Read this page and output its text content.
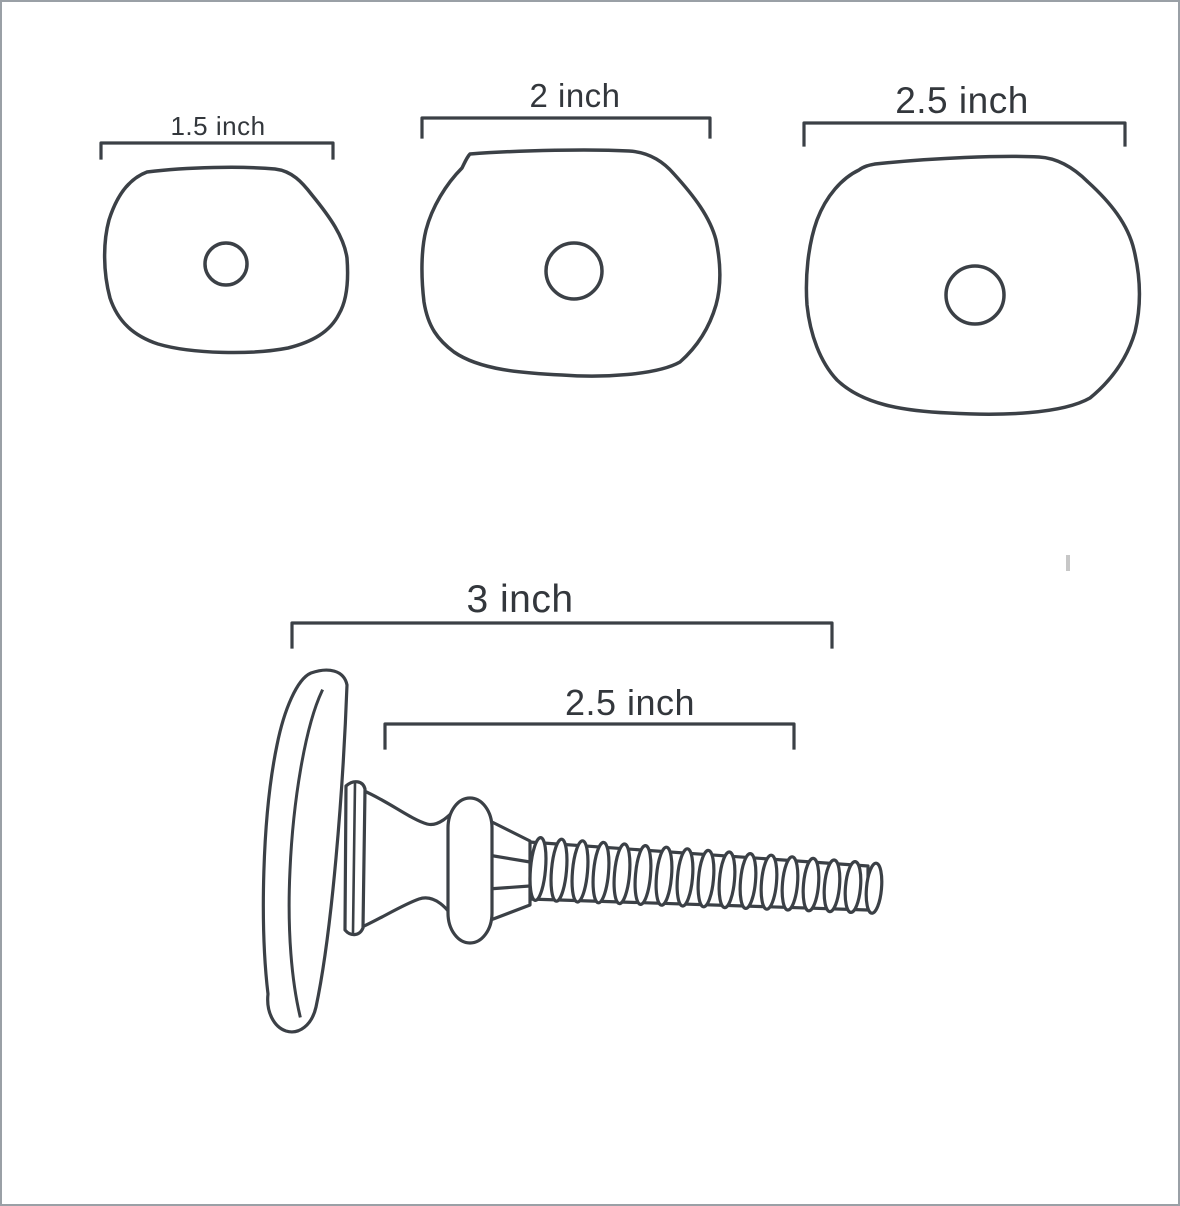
1.5 inch
2 inch	2.5 inch
3 inch
2.5 inch
